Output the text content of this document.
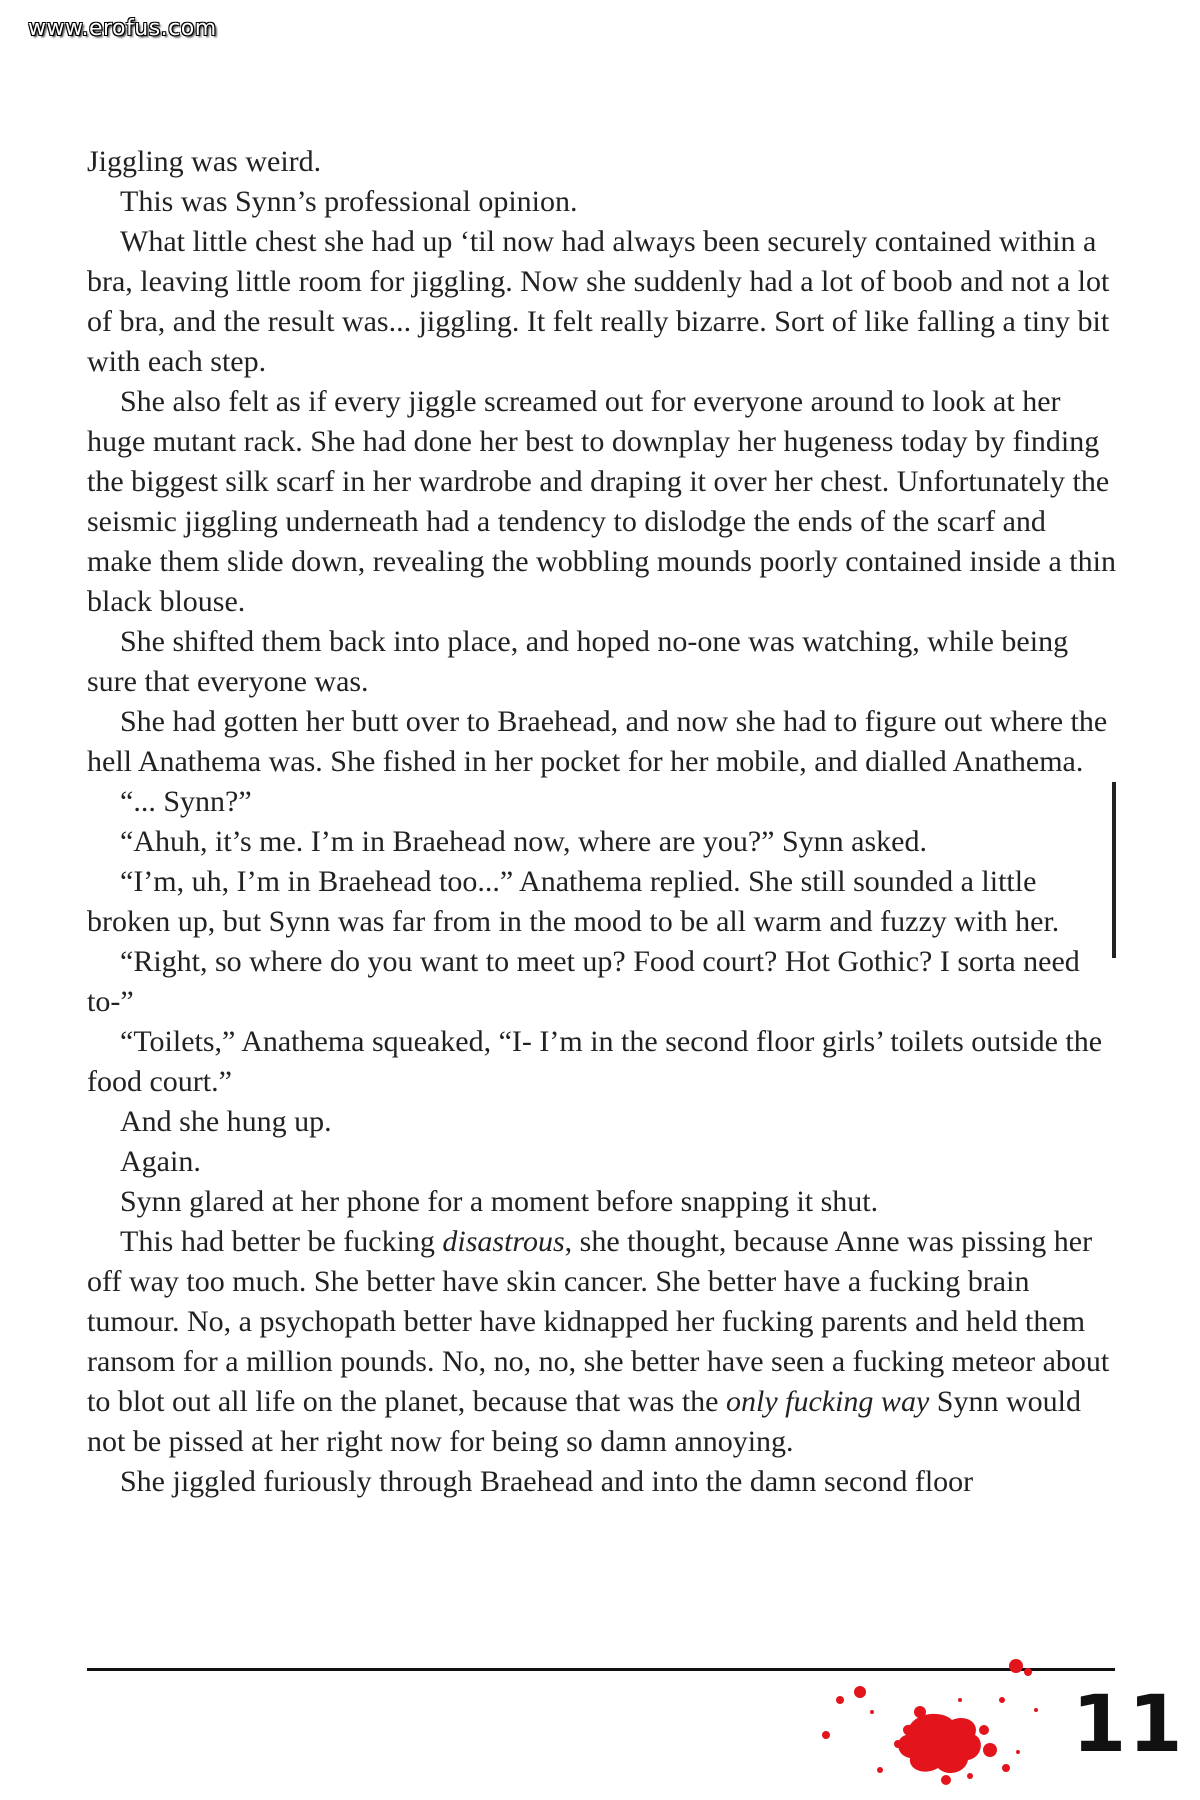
www.erofus.com

Jiggling was weird.

This was Synn’s professional opinion.

What little chest she had up ‘til now had always been securely contained within a bra, leaving little room for jiggling. Now she suddenly had a lot of boob and not a lot of bra, and the result was... jiggling. It felt really bizarre. Sort of like falling a tiny bit with each step.

She also felt as if every jiggle screamed out for everyone around to look at her huge mutant rack. She had done her best to downplay her hugeness today by finding the biggest silk scarf in her wardrobe and draping it over her chest. Unfortunately the seismic jiggling underneath had a tendency to dislodge the ends of the scarf and make them slide down, revealing the wobbling mounds poorly contained inside a thin black blouse.

She shifted them back into place, and hoped no-one was watching, while being sure that everyone was.

She had gotten her butt over to Braehead, and now she had to figure out where the hell Anathema was. She fished in her pocket for her mobile, and dialled Anathema.

“... Synn?”

“Ahuh, it’s me. I’m in Braehead now, where are you?” Synn asked.

“I’m, uh, I’m in Braehead too...” Anathema replied. She still sounded a little broken up, but Synn was far from in the mood to be all warm and fuzzy with her.

“Right, so where do you want to meet up? Food court? Hot Gothic? I sorta need to-”

“Toilets,” Anathema squeaked, “I- I’m in the second floor girls’ toilets outside the food court.”

And she hung up.

Again.

Synn glared at her phone for a moment before snapping it shut.

This had better be fucking disastrous, she thought, because Anne was pissing her off way too much. She better have skin cancer. She better have a fucking brain tumour. No, a psychopath better have kidnapped her fucking parents and held them ransom for a million pounds. No, no, no, she better have seen a fucking meteor about to blot out all life on the planet, because that was the only fucking way Synn would not be pissed at her right now for being so damn annoying.

She jiggled furiously through Braehead and into the damn second floor

11
